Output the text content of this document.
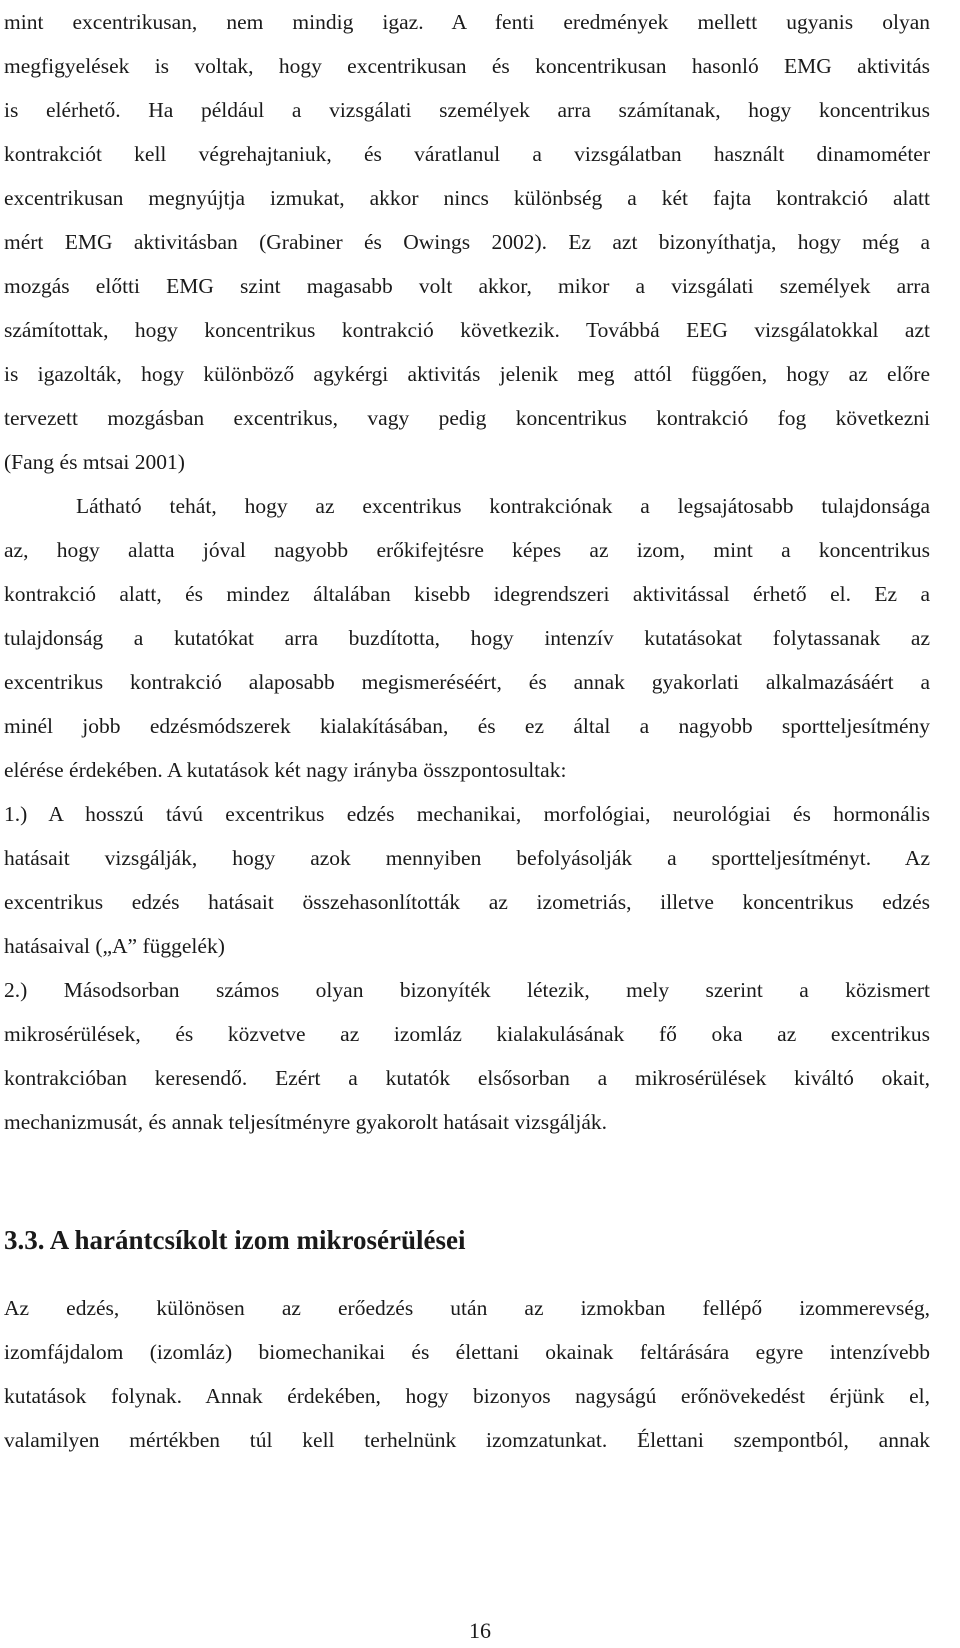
mint excentrikusan, nem mindig igaz. A fenti eredmények mellett ugyanis olyan
megfigyelések is voltak, hogy excentrikusan és koncentrikusan hasonló EMG aktivitás
is elérhető. Ha például a vizsgálati személyek arra számítanak, hogy koncentrikus
kontrakciót kell végrehajtaniuk, és váratlanul a vizsgálatban használt dinamométer
excentrikusan megnyújtja izmukat, akkor nincs különbség a két fajta kontrakció alatt
mért EMG aktivitásban (Grabiner és Owings 2002). Ez azt bizonyíthatja, hogy még a
mozgás előtti EMG szint magasabb volt akkor, mikor a vizsgálati személyek arra
számítottak, hogy koncentrikus kontrakció következik. Továbbá EEG vizsgálatokkal azt
is igazolták, hogy különböző agykérgi aktivitás jelenik meg attól függően, hogy az előre
tervezett mozgásban excentrikus, vagy pedig koncentrikus kontrakció fog következni
(Fang és mtsai 2001)
Látható tehát, hogy az excentrikus kontrakciónak a legsajátosabb tulajdonsága
az, hogy alatta jóval nagyobb erőkifejtésre képes az izom, mint a koncentrikus
kontrakció alatt, és mindez általában kisebb idegrendszeri aktivitással érhető el. Ez a
tulajdonság a kutatókat arra buzdította, hogy intenzív kutatásokat folytassanak az
excentrikus kontrakció alaposabb megismeréséért, és annak gyakorlati alkalmazásáért a
minél jobb edzésmódszerek kialakításában, és ez által a nagyobb sportteljesítmény
elérése érdekében. A kutatások két nagy irányba összpontosultak:
1.) A hosszú távú excentrikus edzés mechanikai, morfológiai, neurológiai és hormonális
hatásait vizsgálják, hogy azok mennyiben befolyásolják a sportteljesítményt. Az
excentrikus edzés hatásait összehasonlították az izometriás, illetve koncentrikus edzés
hatásaival („A” függelék)
2.) Másodsorban számos olyan bizonyíték létezik, mely szerint a közismert
mikrosérülések, és közvetve az izomláz kialakulásának fő oka az excentrikus
kontrakcióban keresendő. Ezért a kutatók elsősorban a mikrosérülések kiváltó okait,
mechanizmusát, és annak teljesítményre gyakorolt hatásait vizsgálják.
3.3. A harántcsíkolt izom mikrosérülései
Az edzés, különösen az erőedzés után az izmokban fellépő izommerevség,
izomfájdalom (izomláz) biomechanikai és élettani okainak feltárására egyre intenzívebb
kutatások folynak. Annak érdekében, hogy bizonyos nagyságú erőnövekedést érjünk el,
valamilyen mértékben túl kell terhelnünk izomzatunkat. Élettani szempontból, annak
16
